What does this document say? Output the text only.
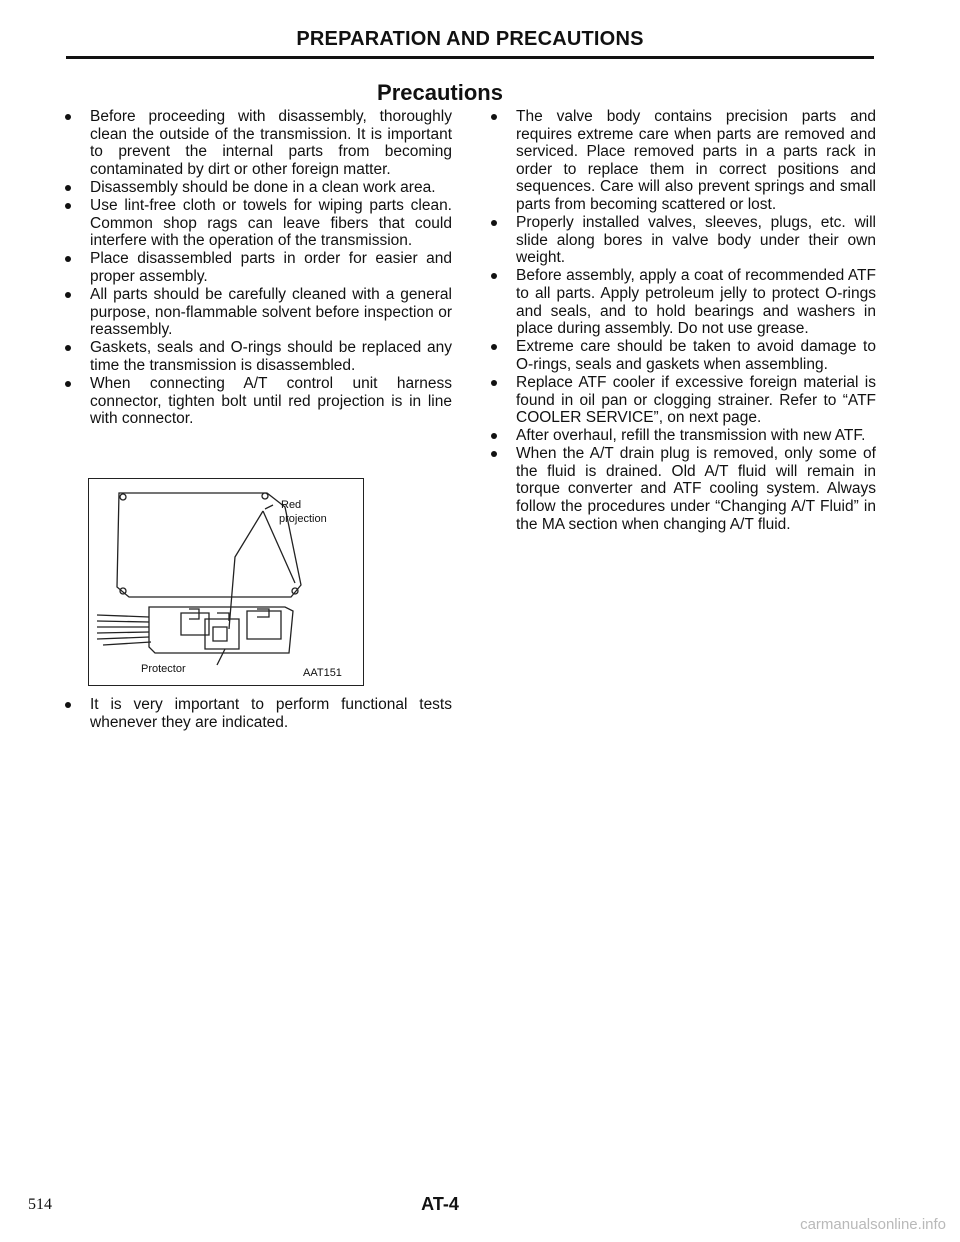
PREPARATION AND PRECAUTIONS
Precautions
Before proceeding with disassembly, thoroughly clean the outside of the transmission. It is important to prevent the internal parts from becoming contaminated by dirt or other foreign matter.
Disassembly should be done in a clean work area.
Use lint-free cloth or towels for wiping parts clean. Common shop rags can leave fibers that could interfere with the operation of the transmission.
Place disassembled parts in order for easier and proper assembly.
All parts should be carefully cleaned with a general purpose, non-flammable solvent before inspection or reassembly.
Gaskets, seals and O-rings should be replaced any time the transmission is disassembled.
When connecting A/T control unit harness connector, tighten bolt until red projection is in line with connector.
Red
projection
Protector	AAT151
It is very important to perform functional tests whenever they are indicated.
The valve body contains precision parts and requires extreme care when parts are removed and serviced. Place removed parts in a parts rack in order to replace them in correct positions and sequences. Care will also prevent springs and small parts from becoming scattered or lost.
Properly installed valves, sleeves, plugs, etc. will slide along bores in valve body under their own weight.
Before assembly, apply a coat of recommended ATF to all parts. Apply petroleum jelly to protect O-rings and seals, and to hold bearings and washers in place during assembly. Do not use grease.
Extreme care should be taken to avoid damage to O-rings, seals and gaskets when assembling.
Replace ATF cooler if excessive foreign material is found in oil pan or clogging strainer. Refer to “ATF COOLER SERVICE”, on next page.
After overhaul, refill the transmission with new ATF.
When the A/T drain plug is removed, only some of the fluid is drained. Old A/T fluid will remain in torque converter and ATF cooling system. Always follow the procedures under “Changing A/T Fluid” in the MA section when changing A/T fluid.
514	AT-4
carmanualsonline.info
